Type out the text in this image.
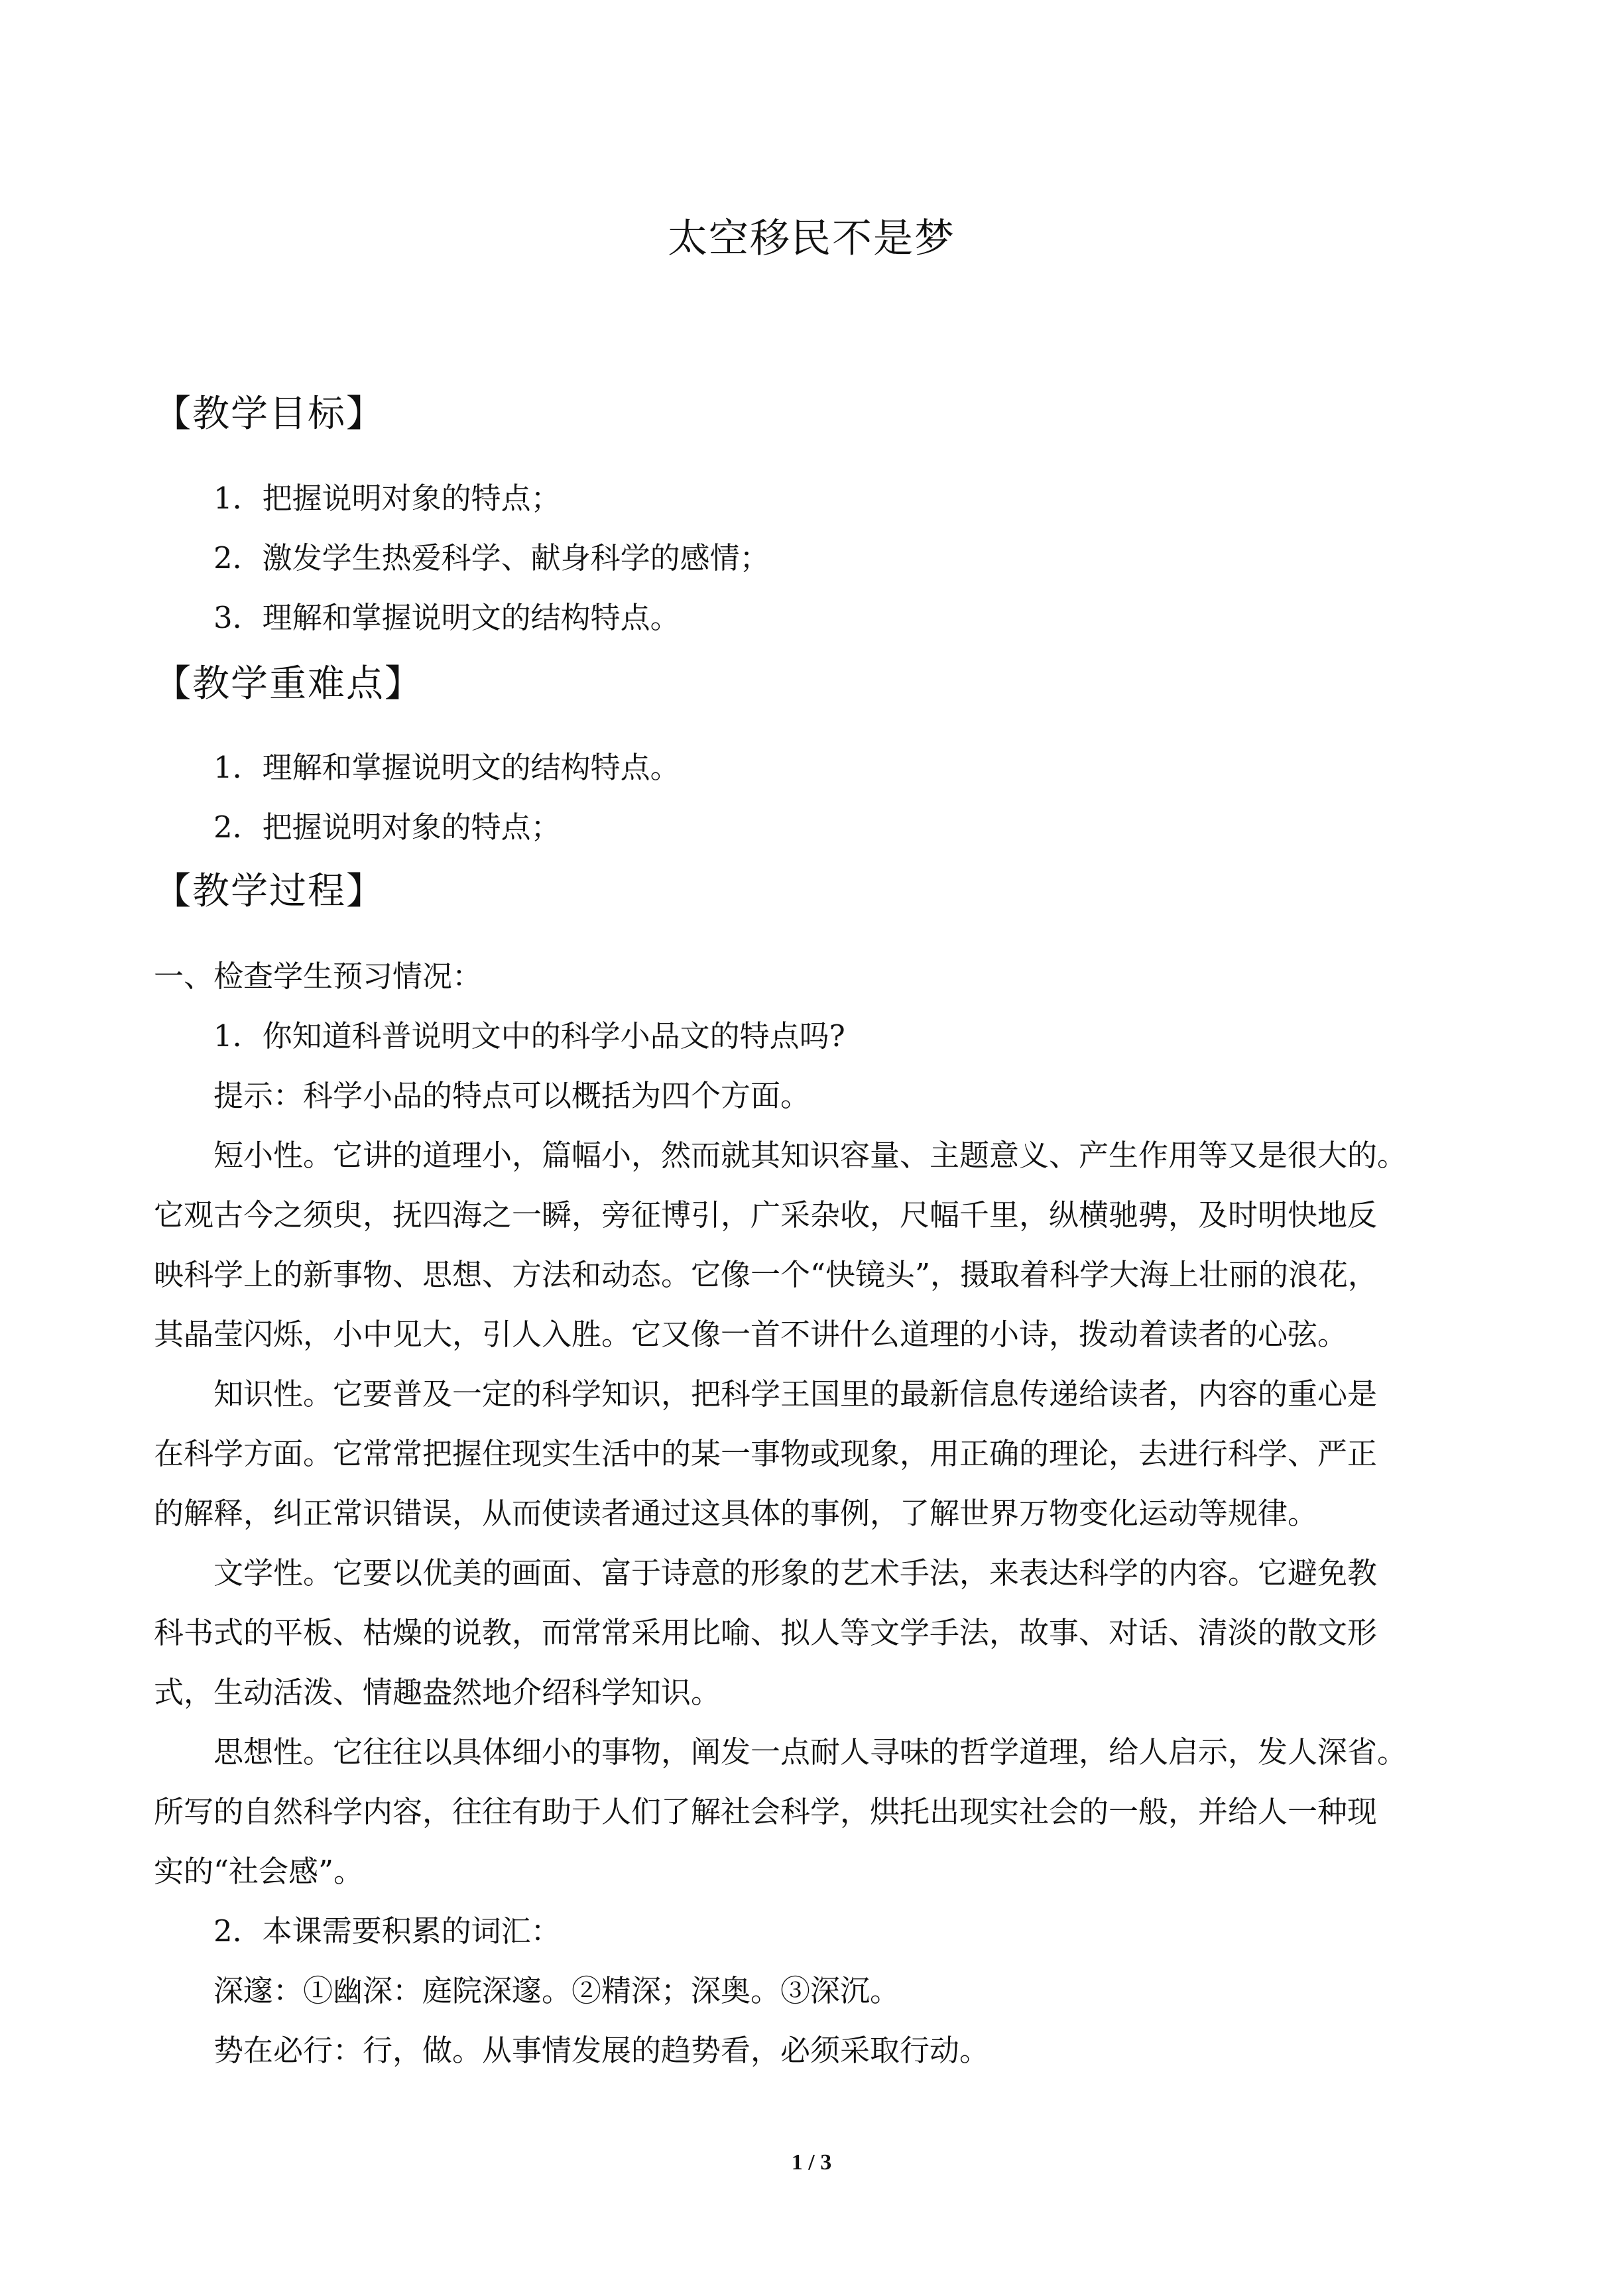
太空移民不是梦
【教学目标】
1．把握说明对象的特点；
2．激发学生热爱科学、献身科学的感情；
3．理解和掌握说明文的结构特点。
【教学重难点】
1．理解和掌握说明文的结构特点。
2．把握说明对象的特点；
【教学过程】
一、检查学生预习情况：
1．你知道科普说明文中的科学小品文的特点吗?
提示：科学小品的特点可以概括为四个方面。
短小性。它讲的道理小，篇幅小，然而就其知识容量、主题意义、产生作用等又是很大的。
它观古今之须臾，抚四海之一瞬，旁征博引，广采杂收，尺幅千里，纵横驰骋，及时明快地反
映科学上的新事物、思想、方法和动态。它像一个“快镜头”，摄取着科学大海上壮丽的浪花，
其晶莹闪烁，小中见大，引人入胜。它又像一首不讲什么道理的小诗，拨动着读者的心弦。
知识性。它要普及一定的科学知识，把科学王国里的最新信息传递给读者，内容的重心是
在科学方面。它常常把握住现实生活中的某一事物或现象，用正确的理论，去进行科学、严正
的解释，纠正常识错误，从而使读者通过这具体的事例，了解世界万物变化运动等规律。
文学性。它要以优美的画面、富于诗意的形象的艺术手法，来表达科学的内容。它避免教
科书式的平板、枯燥的说教，而常常采用比喻、拟人等文学手法，故事、对话、清淡的散文形
式，生动活泼、情趣盎然地介绍科学知识。
思想性。它往往以具体细小的事物，阐发一点耐人寻味的哲学道理，给人启示，发人深省。
所写的自然科学内容，往往有助于人们了解社会科学，烘托出现实社会的一般，并给人一种现
实的“社会感”。
2．本课需要积累的词汇：
深邃：①幽深：庭院深邃。②精深；深奥。③深沉。
势在必行：行，做。从事情发展的趋势看，必须采取行动。
1 / 3
